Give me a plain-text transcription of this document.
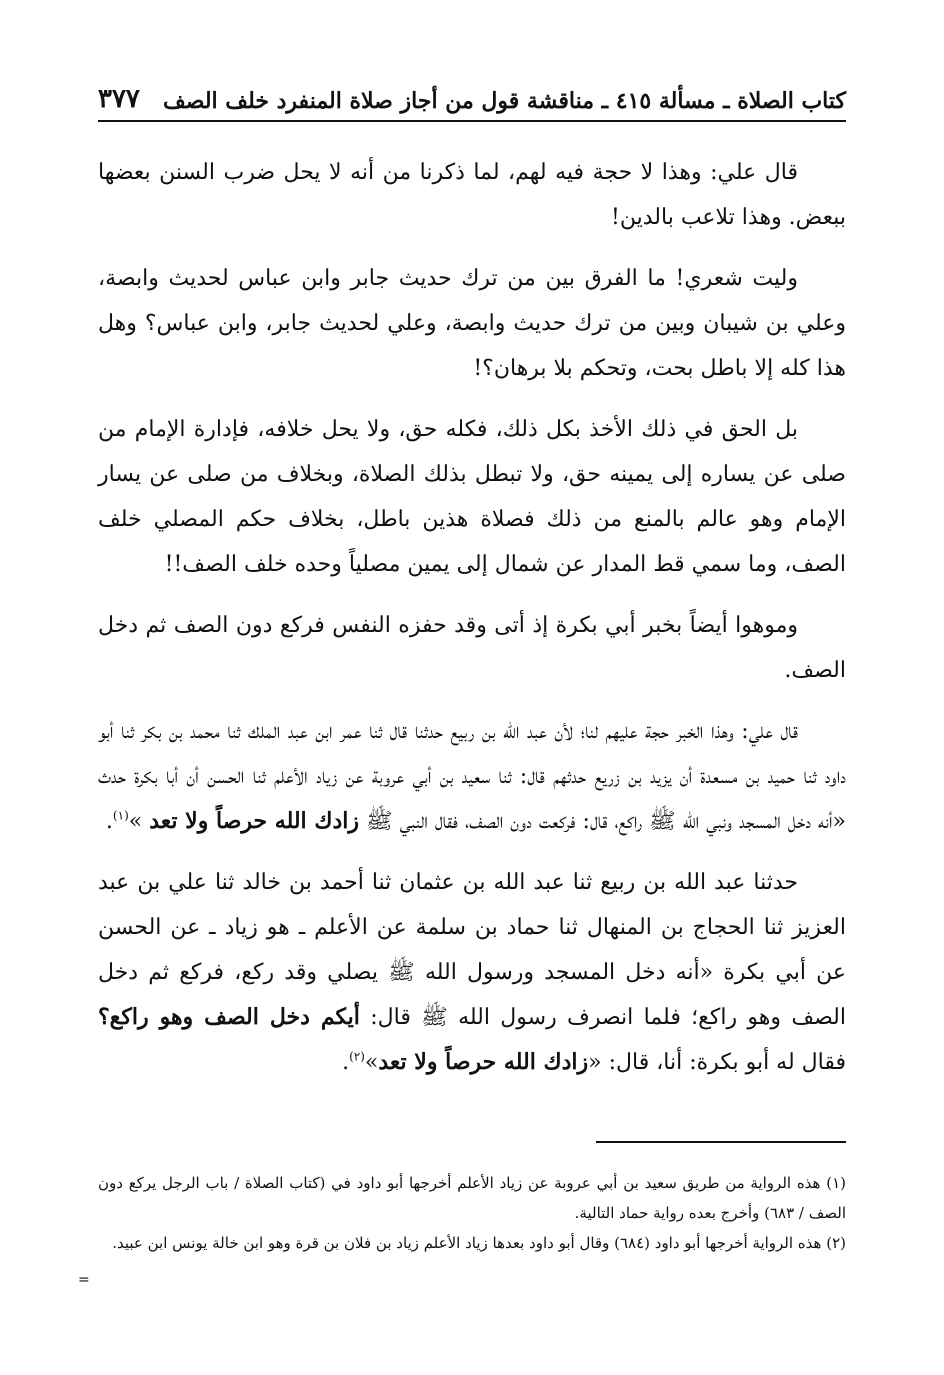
كتاب الصلاة ـ مسألة ٤١٥ ـ مناقشة قول من أجاز صلاة المنفرد خلف الصف
٣٧٧

قال علي: وهذا لا حجة فيه لهم، لما ذكرنا من أنه لا يحل ضرب السنن بعضها ببعض. وهذا تلاعب بالدين!

وليت شعري! ما الفرق بين من ترك حديث جابر وابن عباس لحديث وابصة، وعلي بن شيبان وبين من ترك حديث وابصة، وعلي لحديث جابر، وابن عباس؟ وهل هذا كله إلا باطل بحت، وتحكم بلا برهان؟!

بل الحق في ذلك الأخذ بكل ذلك، فكله حق، ولا يحل خلافه، فإدارة الإمام من صلى عن يساره إلى يمينه حق، ولا تبطل بذلك الصلاة، وبخلاف من صلى عن يسار الإمام وهو عالم بالمنع من ذلك فصلاة هذين باطل، بخلاف حكم المصلي خلف الصف، وما سمي قط المدار عن شمال إلى يمين مصلياً وحده خلف الصف!!

وموهوا أيضاً بخبر أبي بكرة إذ أتى وقد حفزه النفس فركع دون الصف ثم دخل الصف.

قال علي: وهذا الخبر حجة عليهم لنا؛ لأن عبد الله بن ربيع حدثنا قال ثنا عمر ابن عبد الملك ثنا محمد بن بكر ثنا أبو داود ثنا حميد بن مسعدة أن يزيد بن زريع حدثهم قال: ثنا سعيد بن أبي عروبة عن زياد الأعلم ثنا الحسن أن أبا بكرة حدث «أنه دخل المسجد ونبي الله ﷺ راكع، قال: فركعت دون الصف، فقال النبي ﷺ زادك الله حرصاً ولا تعد »$^{(١)}$.

حدثنا عبد الله بن ربيع ثنا عبد الله بن عثمان ثنا أحمد بن خالد ثنا علي بن عبد العزيز ثنا الحجاج بن المنهال ثنا حماد بن سلمة عن الأعلم ـ هو زياد ـ عن الحسن عن أبي بكرة «أنه دخل المسجد ورسول الله ﷺ يصلي وقد ركع، فركع ثم دخل الصف وهو راكع؛ فلما انصرف رسول الله ﷺ قال: أيكم دخل الصف وهو راكع؟ فقال له أبو بكرة: أنا، قال: «زادك الله حرصاً ولا تعد»$^{(٢)}$.

(١) هذه الرواية من طريق سعيد بن أبي عروبة عن زياد الأعلم أخرجها أبو داود في (كتاب الصلاة / باب الرجل يركع دون الصف / ٦٨٣) وأخرج بعده رواية حماد التالية.

(٢) هذه الرواية أخرجها أبو داود (٦٨٤) وقال أبو داود بعدها زياد الأعلم زياد بن فلان بن قرة وهو ابن خالة يونس ابن عبيد.

=
